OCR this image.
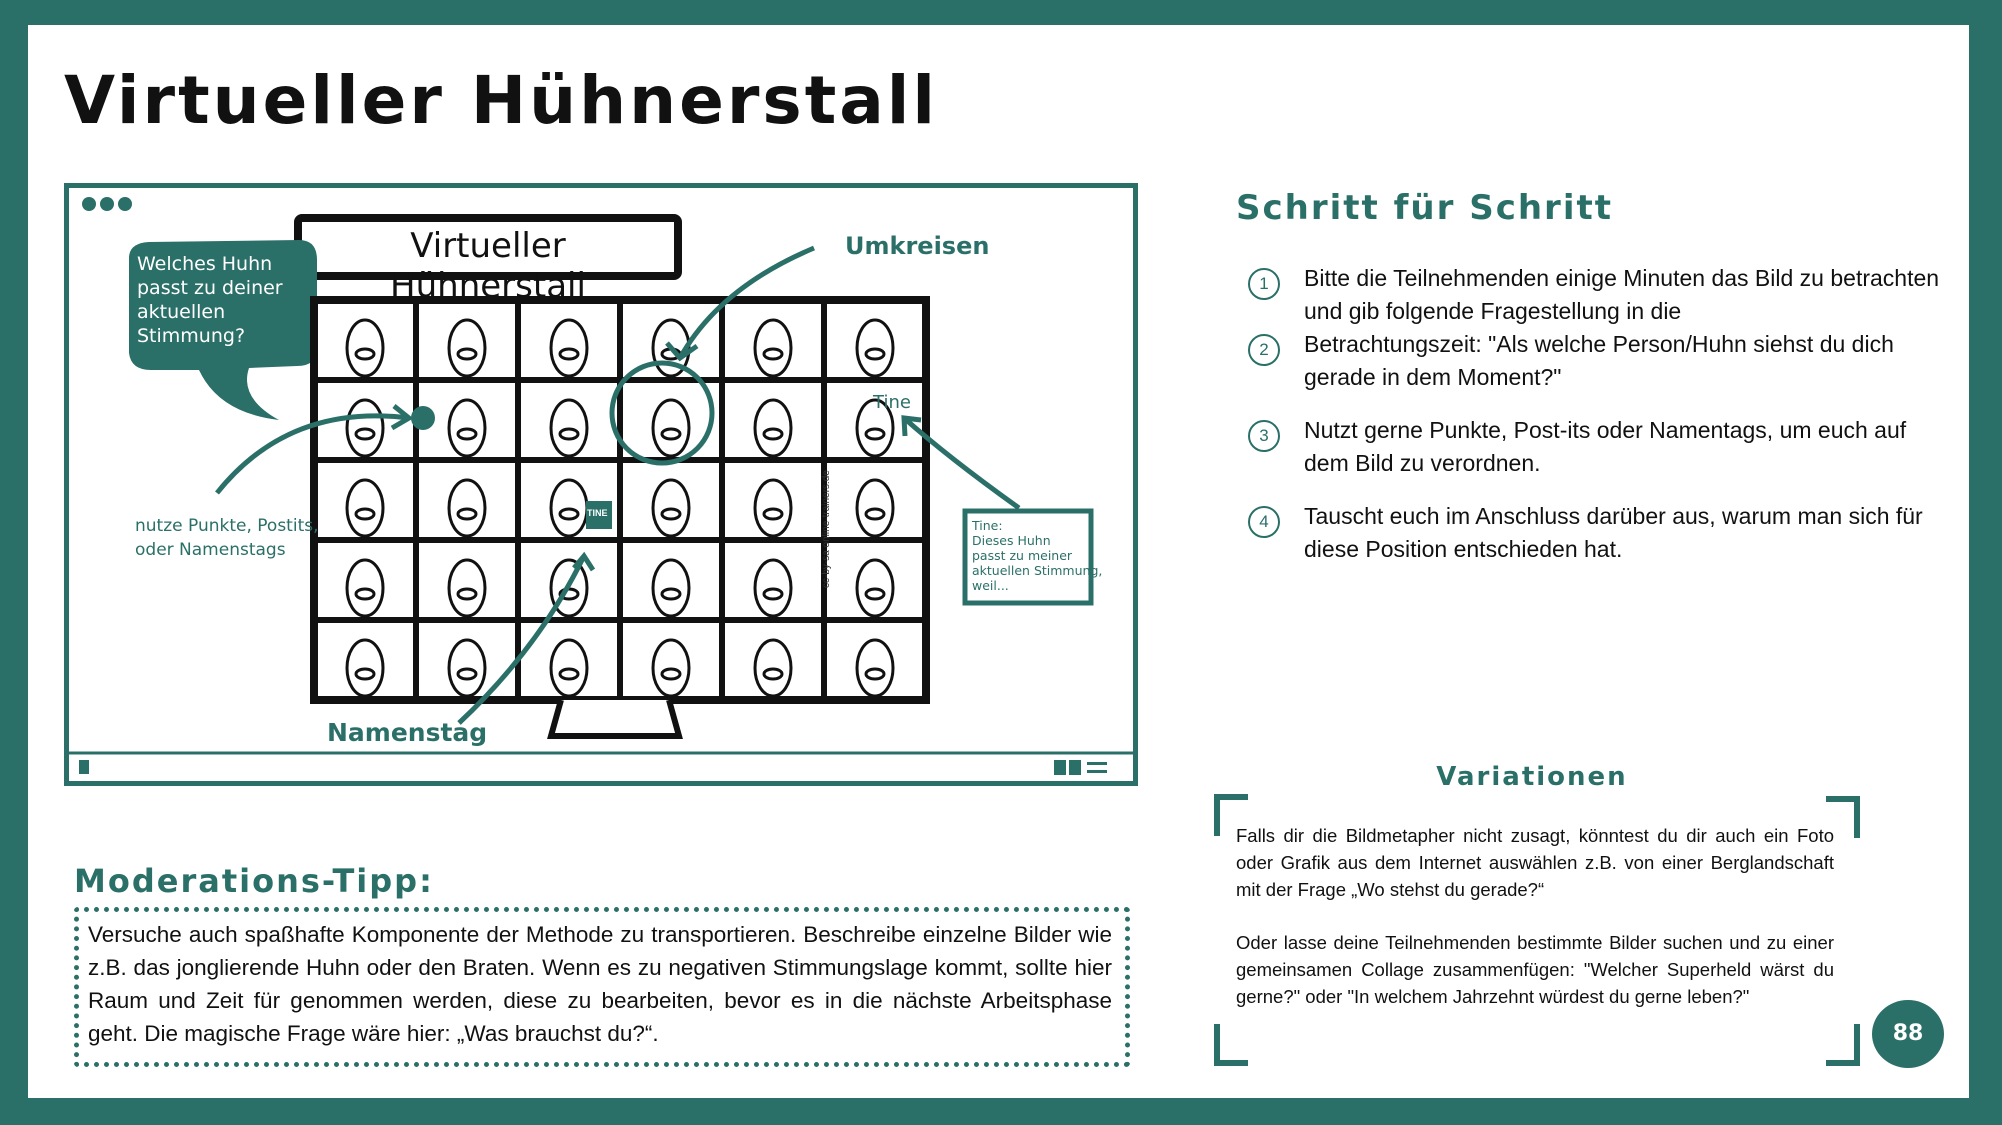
Virtueller Hühnerstall
Virtueller Hühnerstall
Welches Huhn
passt zu deiner
aktuellen Stimmung?
Umkreisen
nutze Punkte, Postits,
oder Namenstags
Namenstag
Tine
TINE
Tine:
Dieses Huhn
passt zu meiner
aktuellen Stimmung,
weil...
cc-by-sa online-trainers.de
Schritt für Schritt
1	Bitte die Teilnehmenden einige Minuten das Bild zu betrachten und gib folgende Fragestellung in die
2	Betrachtungszeit: "Als welche Person/Huhn siehst du dich gerade in dem Moment?"
3	Nutzt gerne Punkte, Post-its oder Namentags, um euch auf dem Bild zu verordnen.
4	Tauscht euch im Anschluss darüber aus, warum man sich für diese Position entschieden hat.
Variationen

Falls dir die Bildmetapher nicht zusagt, könntest du dir auch ein Foto oder Grafik aus dem Internet auswählen z.B. von einer Berglandschaft mit der Frage „Wo stehst du gerade?“

Oder lasse deine Teilnehmenden bestimmte Bilder suchen und zu einer gemeinsamen Collage zusammenfügen: "Welcher Superheld wärst du gerne?" oder "In welchem Jahrzehnt würdest du gerne leben?"

Moderations-Tipp:
Versuche auch spaßhafte Komponente der Methode zu transportieren. Beschreibe einzelne Bilder wie z.B. das jonglierende Huhn oder den Braten. Wenn es zu negativen Stimmungslage kommt, sollte hier Raum und Zeit für genommen werden, diese zu bearbeiten, bevor es in die nächste Arbeitsphase geht. Die magische Frage wäre hier: „Was brauchst du?“.	88
